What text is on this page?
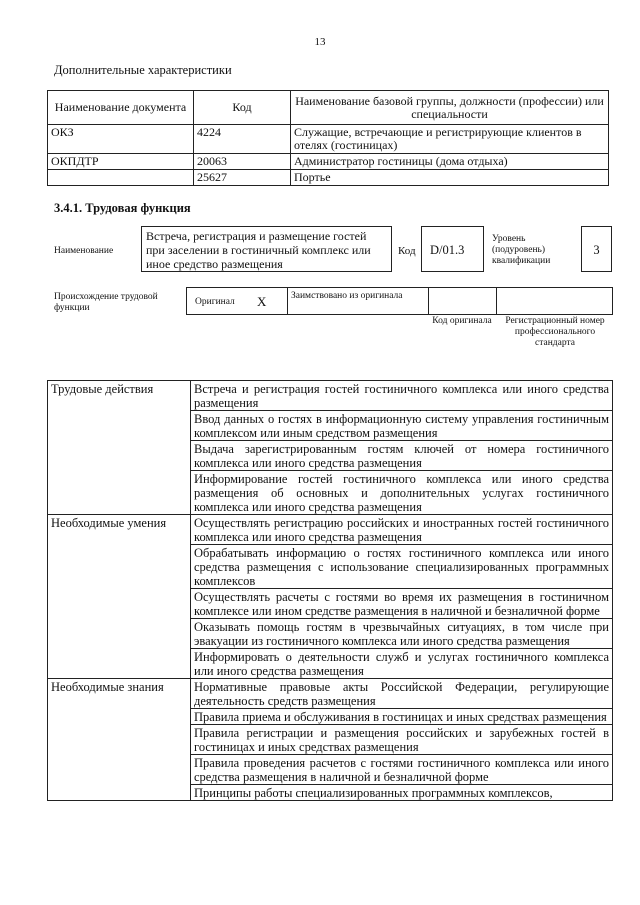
13
Дополнительные характеристики
Наименование документа	Код	Наименование базовой группы, должности (профессии) или специальности
ОКЗ	4224	Служащие, встречающие и регистрирующие клиентов в отелях (гостиницах)
ОКПДТР	20063	Администратор гостиницы (дома отдыха)
	25627	Портье
3.4.1. Трудовая функция
Наименование
Встреча, регистрация и размещение гостей при заселении в гостиничный комплекс или иное средство размещения
Код	D/01.3
Уровень (подуровень) квалификации
3
Происхождение трудовой функции
Оригинал X	Заимствовано из оригинала
Код оригинала	Регистрационный номер профессионального стандарта
Трудовые действия	Встреча и регистрация гостей гостиничного комплекса или иного средства размещения
	Ввод данных о гостях в информационную систему управления гостиничным комплексом или иным средством размещения
	Выдача зарегистрированным гостям ключей от номера гостиничного комплекса или иного средства размещения
	Информирование гостей гостиничного комплекса или иного средства размещения об основных и дополнительных услугах гостиничного комплекса или иного средства размещения
Необходимые умения	Осуществлять регистрацию российских и иностранных гостей гостиничного комплекса или иного средства размещения
	Обрабатывать информацию о гостях гостиничного комплекса или иного средства размещения с использование специализированных программных комплексов
	Осуществлять расчеты с гостями во время их размещения в гостиничном комплексе или ином средстве размещения в наличной и безналичной форме
	Оказывать помощь гостям в чрезвычайных ситуациях, в том числе при эвакуации из гостиничного комплекса или иного средства размещения
	Информировать о деятельности служб и услугах гостиничного комплекса или иного средства размещения
Необходимые знания	Нормативные правовые акты Российской Федерации, регулирующие деятельность средств размещения
	Правила приема и обслуживания в гостиницах и иных средствах размещения
	Правила регистрации и размещения российских и зарубежных гостей в гостиницах и иных средствах размещения
	Правила проведения расчетов с гостями гостиничного комплекса или иного средства размещения в наличной и безналичной форме
	Принципы работы специализированных программных комплексов,
